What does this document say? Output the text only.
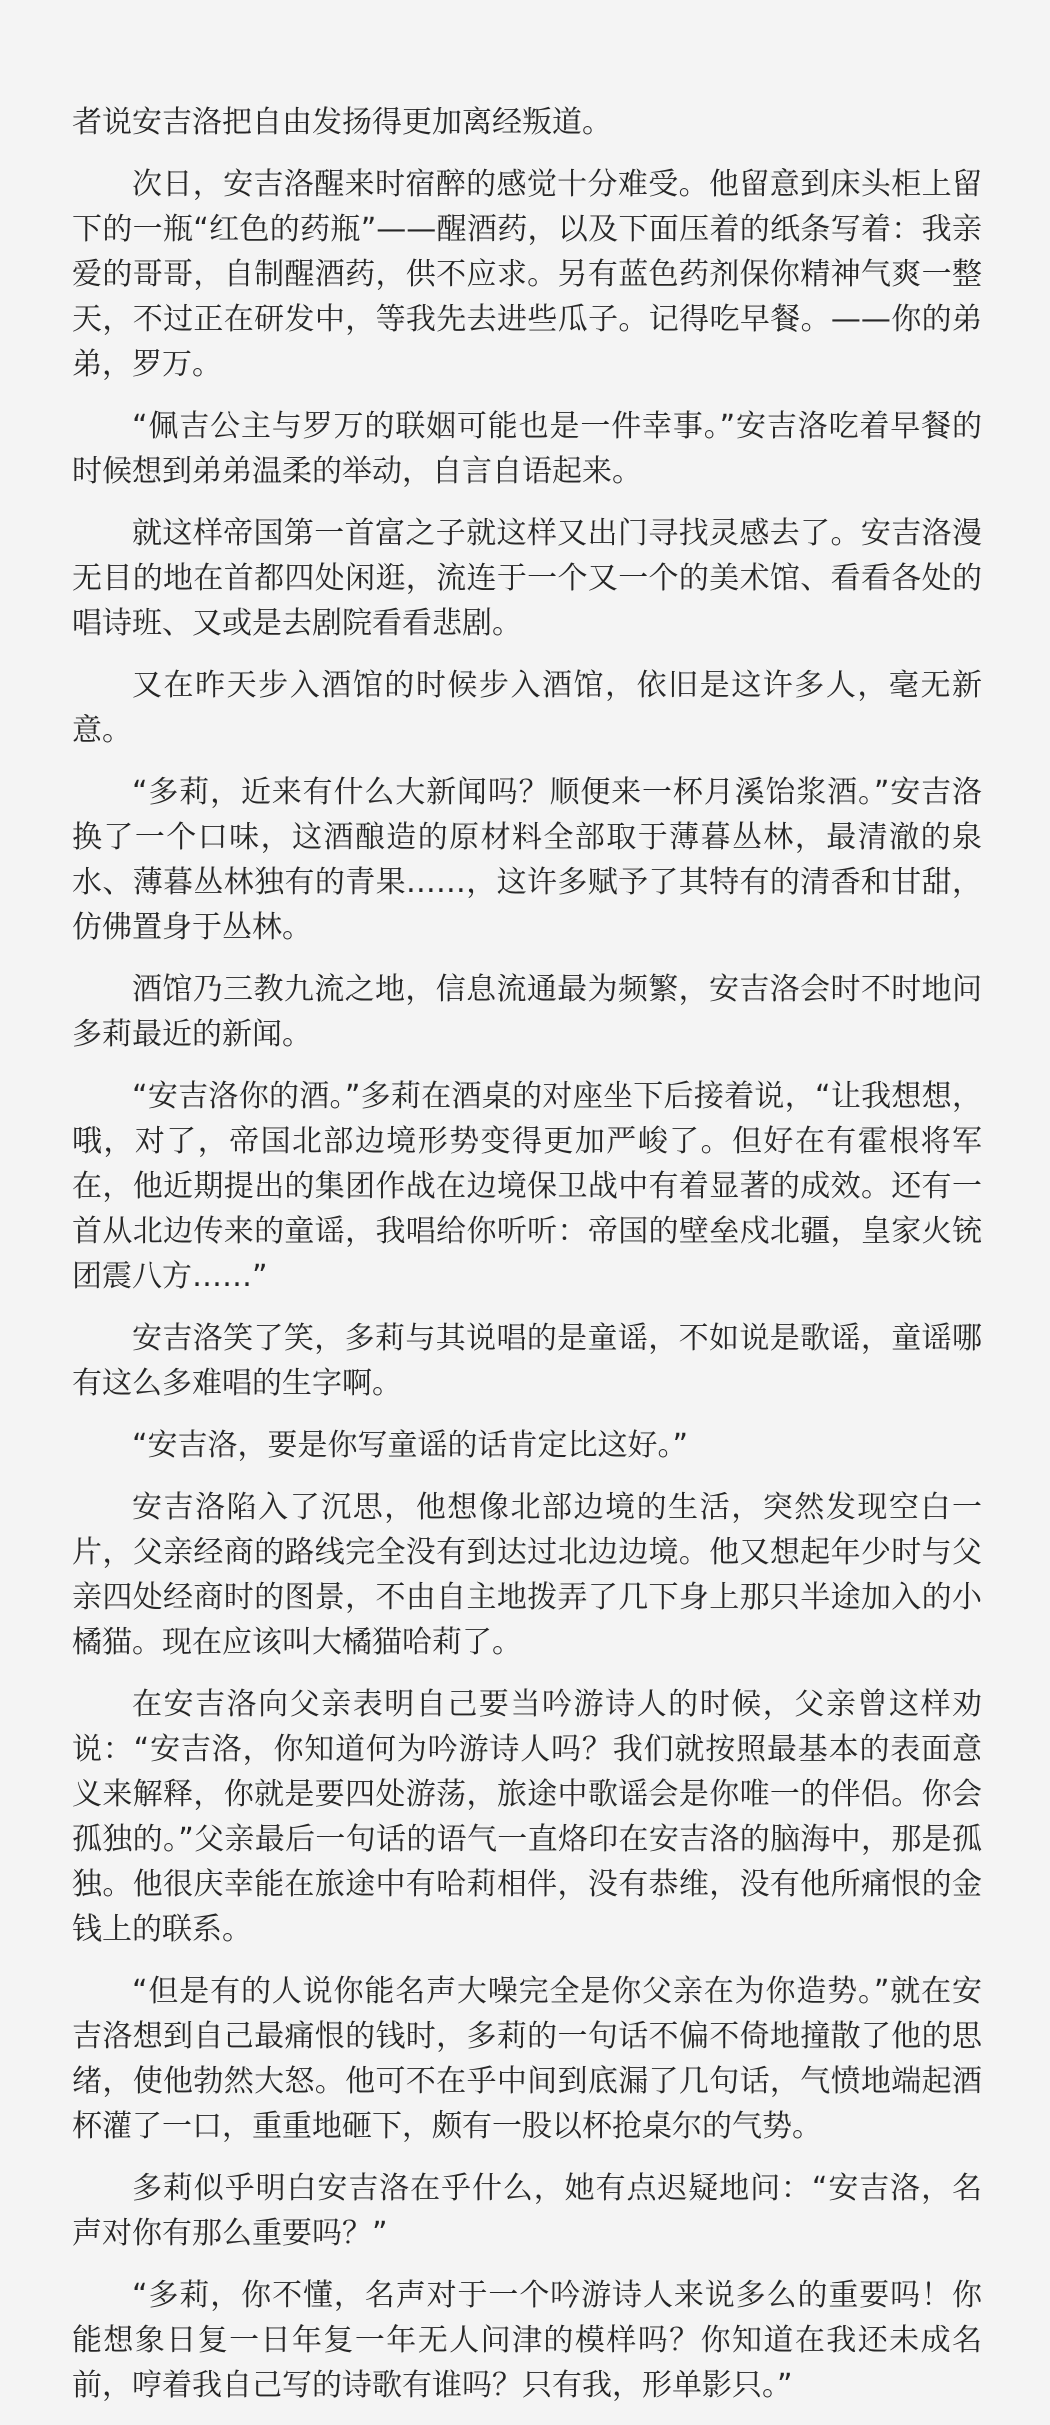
者说安吉洛把自由发扬得更加离经叛道。

次日，安吉洛醒来时宿醉的感觉十分难受。他留意到床头柜上留下的一瓶“红色的药瓶”——醒酒药，以及下面压着的纸条写着：我亲爱的哥哥，自制醒酒药，供不应求。另有蓝色药剂保你精神气爽一整天，不过正在研发中，等我先去进些瓜子。记得吃早餐。——你的弟弟，罗万。

“佩吉公主与罗万的联姻可能也是一件幸事。”安吉洛吃着早餐的时候想到弟弟温柔的举动，自言自语起来。

就这样帝国第一首富之子就这样又出门寻找灵感去了。安吉洛漫无目的地在首都四处闲逛，流连于一个又一个的美术馆、看看各处的唱诗班、又或是去剧院看看悲剧。

又在昨天步入酒馆的时候步入酒馆，依旧是这许多人，毫无新意。

“多莉，近来有什么大新闻吗？顺便来一杯月溪饴浆酒。”安吉洛换了一个口味，这酒酿造的原材料全部取于薄暮丛林，最清澈的泉水、薄暮丛林独有的青果……，这许多赋予了其特有的清香和甘甜，仿佛置身于丛林。

酒馆乃三教九流之地，信息流通最为频繁，安吉洛会时不时地问多莉最近的新闻。

“安吉洛你的酒。”多莉在酒桌的对座坐下后接着说，“让我想想，哦，对了，帝国北部边境形势变得更加严峻了。但好在有霍根将军在，他近期提出的集团作战在边境保卫战中有着显著的成效。还有一首从北边传来的童谣，我唱给你听听：帝国的壁垒戍北疆，皇家火铳团震八方……”

安吉洛笑了笑，多莉与其说唱的是童谣，不如说是歌谣，童谣哪有这么多难唱的生字啊。

“安吉洛，要是你写童谣的话肯定比这好。”

安吉洛陷入了沉思，他想像北部边境的生活，突然发现空白一片，父亲经商的路线完全没有到达过北边边境。他又想起年少时与父亲四处经商时的图景，不由自主地拨弄了几下身上那只半途加入的小橘猫。现在应该叫大橘猫哈莉了。

在安吉洛向父亲表明自己要当吟游诗人的时候，父亲曾这样劝说：“安吉洛，你知道何为吟游诗人吗？我们就按照最基本的表面意义来解释，你就是要四处游荡，旅途中歌谣会是你唯一的伴侣。你会孤独的。”父亲最后一句话的语气一直烙印在安吉洛的脑海中，那是孤独。他很庆幸能在旅途中有哈莉相伴，没有恭维，没有他所痛恨的金钱上的联系。

“但是有的人说你能名声大噪完全是你父亲在为你造势。”就在安吉洛想到自己最痛恨的钱时，多莉的一句话不偏不倚地撞散了他的思绪，使他勃然大怒。他可不在乎中间到底漏了几句话，气愤地端起酒杯灌了一口，重重地砸下，颇有一股以杯抢桌尔的气势。

多莉似乎明白安吉洛在乎什么，她有点迟疑地问：“安吉洛，名声对你有那么重要吗？”

“多莉，你不懂，名声对于一个吟游诗人来说多么的重要吗！你能想象日复一日年复一年无人问津的模样吗？你知道在我还未成名前，哼着我自己写的诗歌有谁吗？只有我，形单影只。”
